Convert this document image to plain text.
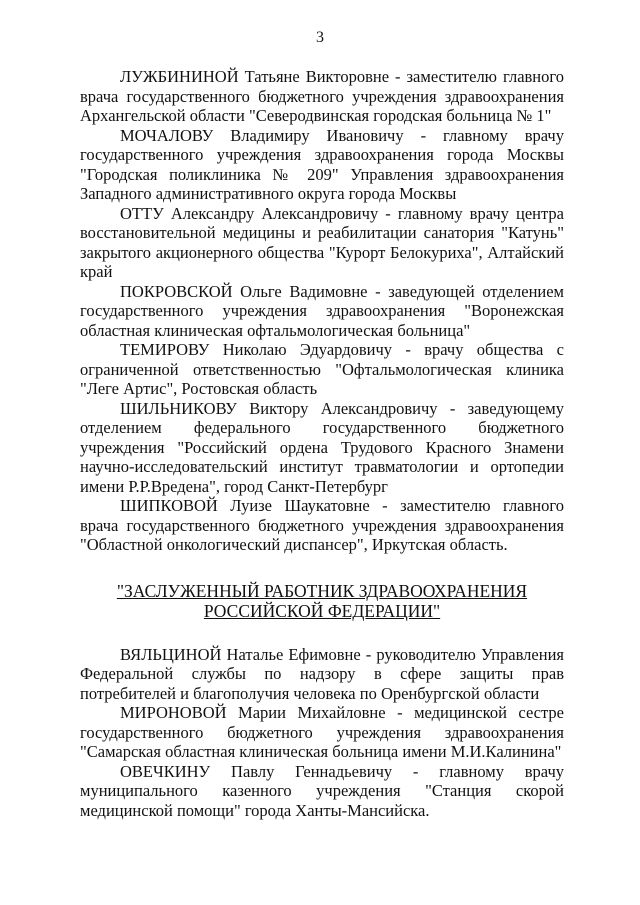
3

ЛУЖБИНИНОЙ Татьяне Викторовне - заместителю главного врача государственного бюджетного учреждения здравоохранения Архангельской области "Северодвинская городская больница № 1"

МОЧАЛОВУ Владимиру Ивановичу - главному врачу государственного учреждения здравоохранения города Москвы "Городская поликлиника № 209" Управления здравоохранения Западного административного округа города Москвы

ОТТУ Александру Александровичу - главному врачу центра восстановительной медицины и реабилитации санатория "Катунь" закрытого акционерного общества "Курорт Белокуриха", Алтайский край

ПОКРОВСКОЙ Ольге Вадимовне - заведующей отделением государственного учреждения здравоохранения "Воронежская областная клиническая офтальмологическая больница"

ТЕМИРОВУ Николаю Эдуардовичу - врачу общества с ограниченной ответственностью "Офтальмологическая клиника "Леге Артис", Ростовская область

ШИЛЬНИКОВУ Виктору Александровичу - заведующему отделением федерального государственного бюджетного учреждения "Российский ордена Трудового Красного Знамени научно-исследовательский институт травматологии и ортопедии имени Р.Р.Вредена", город Санкт-Петербург

ШИПКОВОЙ Луизе Шаукатовне - заместителю главного врача государственного бюджетного учреждения здравоохранения "Областной онкологический диспансер", Иркутская область.

"ЗАСЛУЖЕННЫЙ РАБОТНИК ЗДРАВООХРАНЕНИЯ
РОССИЙСКОЙ ФЕДЕРАЦИИ"

ВЯЛЬЦИНОЙ Наталье Ефимовне - руководителю Управления Федеральной службы по надзору в сфере защиты прав потребителей и благополучия человека по Оренбургской области

МИРОНОВОЙ Марии Михайловне - медицинской сестре государственного бюджетного учреждения здравоохранения "Самарская областная клиническая больница имени М.И.Калинина"

ОВЕЧКИНУ Павлу Геннадьевичу - главному врачу муниципального казенного учреждения "Станция скорой медицинской помощи" города Ханты-Мансийска.
